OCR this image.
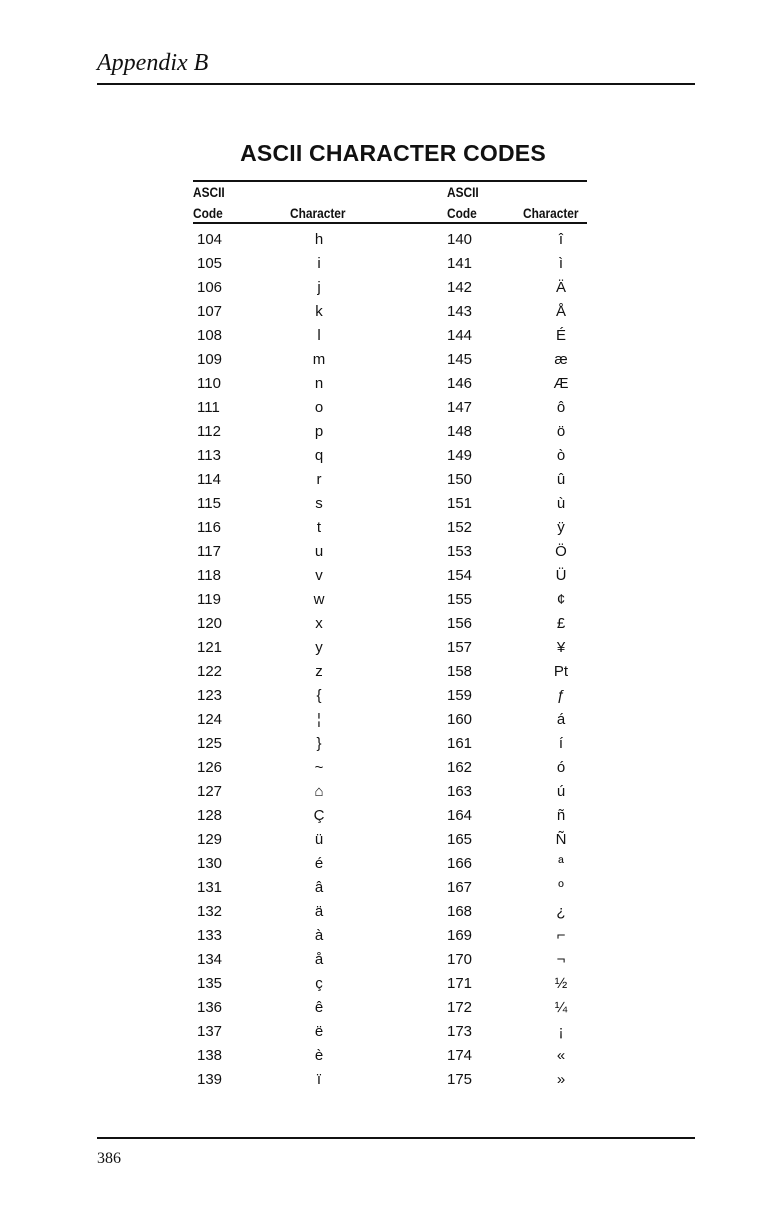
Appendix B
ASCII CHARACTER CODES
ASCII
Code	Character
ASCII
Code	Character
104	h	140	î
105	i	141	ì
106	j	142	Ä
107	k	143	Å
108	l	144	É
109	m	145	æ
110	n	146	Æ
111	o	147	ô
112	p	148	ö
113	q	149	ò
114	r	150	û
115	s	151	ù
116	t	152	ÿ
117	u	153	Ö
118	v	154	Ü
119	w	155	¢
120	x	156	£
121	y	157	¥
122	z	158	Pt
123	{	159	ƒ
124	¦	160	á
125	}	161	í
126	~	162	ó
127	⌂	163	ú
128	Ç	164	ñ
129	ü	165	Ñ
130	é	166	ª
131	â	167	º
132	ä	168	¿
133	à	169	⌐
134	å	170	¬
135	ç	171	½
136	ê	172	¼
137	ë	173	¡
138	è	174	«
139	ï	175	»
386
